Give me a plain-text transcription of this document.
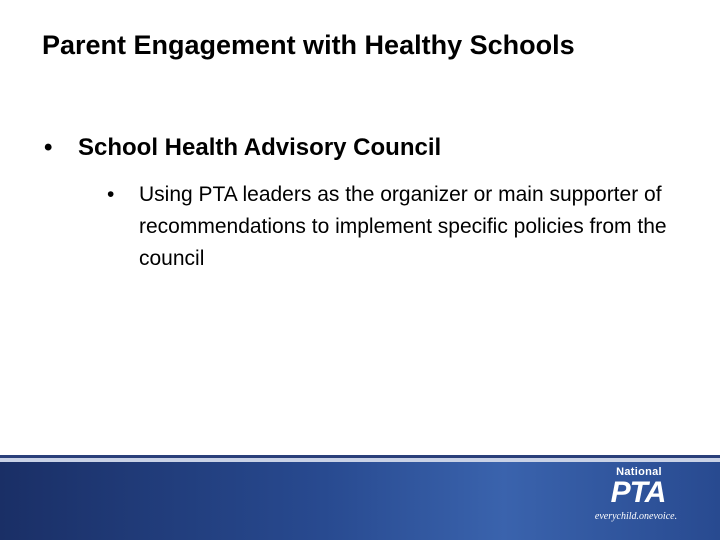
Parent Engagement with Healthy Schools
• School Health Advisory Council
•	Using PTA leaders as the organizer or main supporter of recommendations to implement specific policies from the council
National
PTA
everychild.onevoice.
